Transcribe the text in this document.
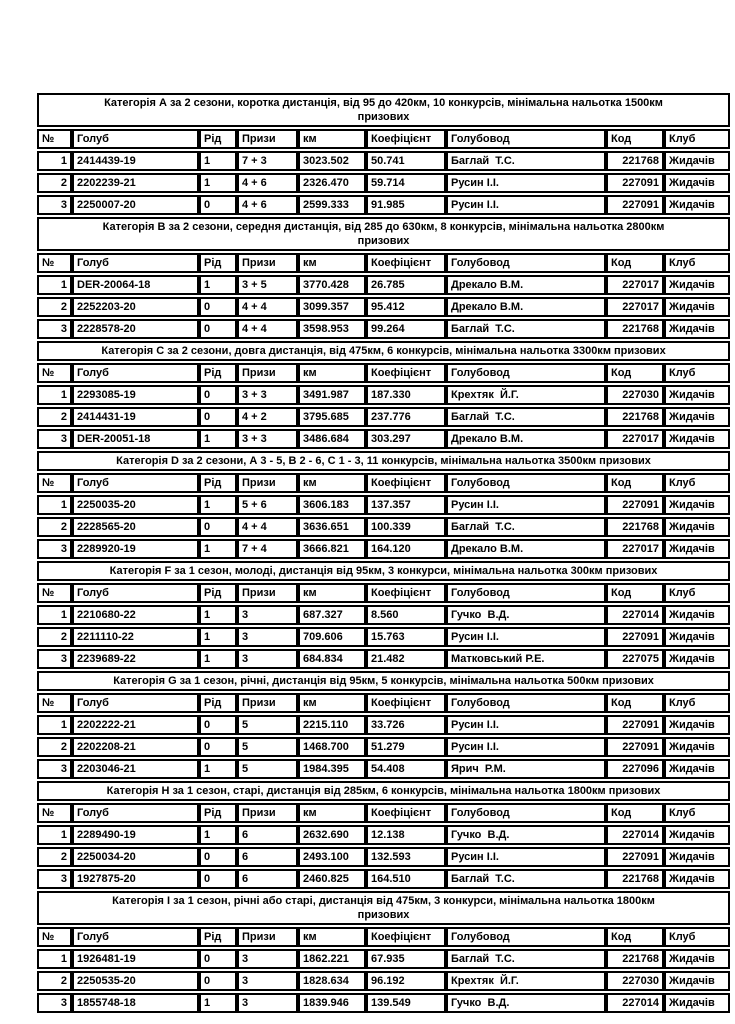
Категорія А за 2 сезони, коротка дистанція, від 95 до 420км, 10 конкурсів, мінімальна нальотка 1500км
призових								

№	Голуб	Рід	Призи	км	Коефіцієнт	Голубовод	Код	Клуб
1	2414439-19	1	7 + 3	3023.502	50.741	Баглай  Т.С.	221768	Жидачів
2	2202239-21	1	4 + 6	2326.470	59.714	Русин І.І.	227091	Жидачів
3	2250007-20	0	4 + 6	2599.333	91.985	Русин І.І.	227091	Жидачів

Категорія В за 2 сезони, середня дистанція, від 285 до 630км, 8 конкурсів, мінімальна нальотка 2800км
призових								

№	Голуб	Рід	Призи	км	Коефіцієнт	Голубовод	Код	Клуб
1	DER-20064-18	1	3 + 5	3770.428	26.785	Дрекало В.М.	227017	Жидачів
2	2252203-20	0	4 + 4	3099.357	95.412	Дрекало В.М.	227017	Жидачів
3	2228578-20	0	4 + 4	3598.953	99.264	Баглай  Т.С.	221768	Жидачів

Категорія С за 2 сезони, довга дистанція, від 475км, 6 конкурсів, мінімальна нальотка 3300км призових								

№	Голуб	Рід	Призи	км	Коефіцієнт	Голубовод	Код	Клуб
1	2293085-19	0	3 + 3	3491.987	187.330	Крехтяк  Й.Г.	227030	Жидачів
2	2414431-19	0	4 + 2	3795.685	237.776	Баглай  Т.С.	221768	Жидачів
3	DER-20051-18	1	3 + 3	3486.684	303.297	Дрекало В.М.	227017	Жидачів

Категорія D за 2 сезони, А 3 - 5, В 2 - 6, С 1 - 3, 11 конкурсів, мінімальна нальотка 3500км призових								

№	Голуб	Рід	Призи	км	Коефіцієнт	Голубовод	Код	Клуб
1	2250035-20	1	5 + 6	3606.183	137.357	Русин І.І.	227091	Жидачів
2	2228565-20	0	4 + 4	3636.651	100.339	Баглай  Т.С.	221768	Жидачів
3	2289920-19	1	7 + 4	3666.821	164.120	Дрекало В.М.	227017	Жидачів

Категорія F за 1 сезон, молоді, дистанція від 95км, 3 конкурси, мінімальна нальотка 300км призових								

№	Голуб	Рід	Призи	км	Коефіцієнт	Голубовод	Код	Клуб
1	2210680-22	1	3	687.327	8.560	Гучко  В.Д.	227014	Жидачів
2	2211110-22	1	3	709.606	15.763	Русин І.І.	227091	Жидачів
3	2239689-22	1	3	684.834	21.482	Матковський Р.Е.	227075	Жидачів

Категорія G за 1 сезон, річні, дистанція від 95км, 5 конкурсів, мінімальна нальотка 500км призових								

№	Голуб	Рід	Призи	км	Коефіцієнт	Голубовод	Код	Клуб
1	2202222-21	0	5	2215.110	33.726	Русин І.І.	227091	Жидачів
2	2202208-21	0	5	1468.700	51.279	Русин І.І.	227091	Жидачів
3	2203046-21	1	5	1984.395	54.408	Ярич  Р.М.	227096	Жидачів

Категорія Н за 1 сезон, старі, дистанція від 285км, 6 конкурсів, мінімальна нальотка 1800км призових								

№	Голуб	Рід	Призи	км	Коефіцієнт	Голубовод	Код	Клуб
1	2289490-19	1	6	2632.690	12.138	Гучко  В.Д.	227014	Жидачів
2	2250034-20	0	6	2493.100	132.593	Русин І.І.	227091	Жидачів
3	1927875-20	0	6	2460.825	164.510	Баглай  Т.С.	221768	Жидачів

Категорія І за 1 сезон, річні або старі, дистанція від 475км, 3 конкурси, мінімальна нальотка 1800км
призових								

№	Голуб	Рід	Призи	км	Коефіцієнт	Голубовод	Код	Клуб
1	1926481-19	0	3	1862.221	67.935	Баглай  Т.С.	221768	Жидачів
2	2250535-20	0	3	1828.634	96.192	Крехтяк  Й.Г.	227030	Жидачів
3	1855748-18	1	3	1839.946	139.549	Гучко  В.Д.	227014	Жидачів
